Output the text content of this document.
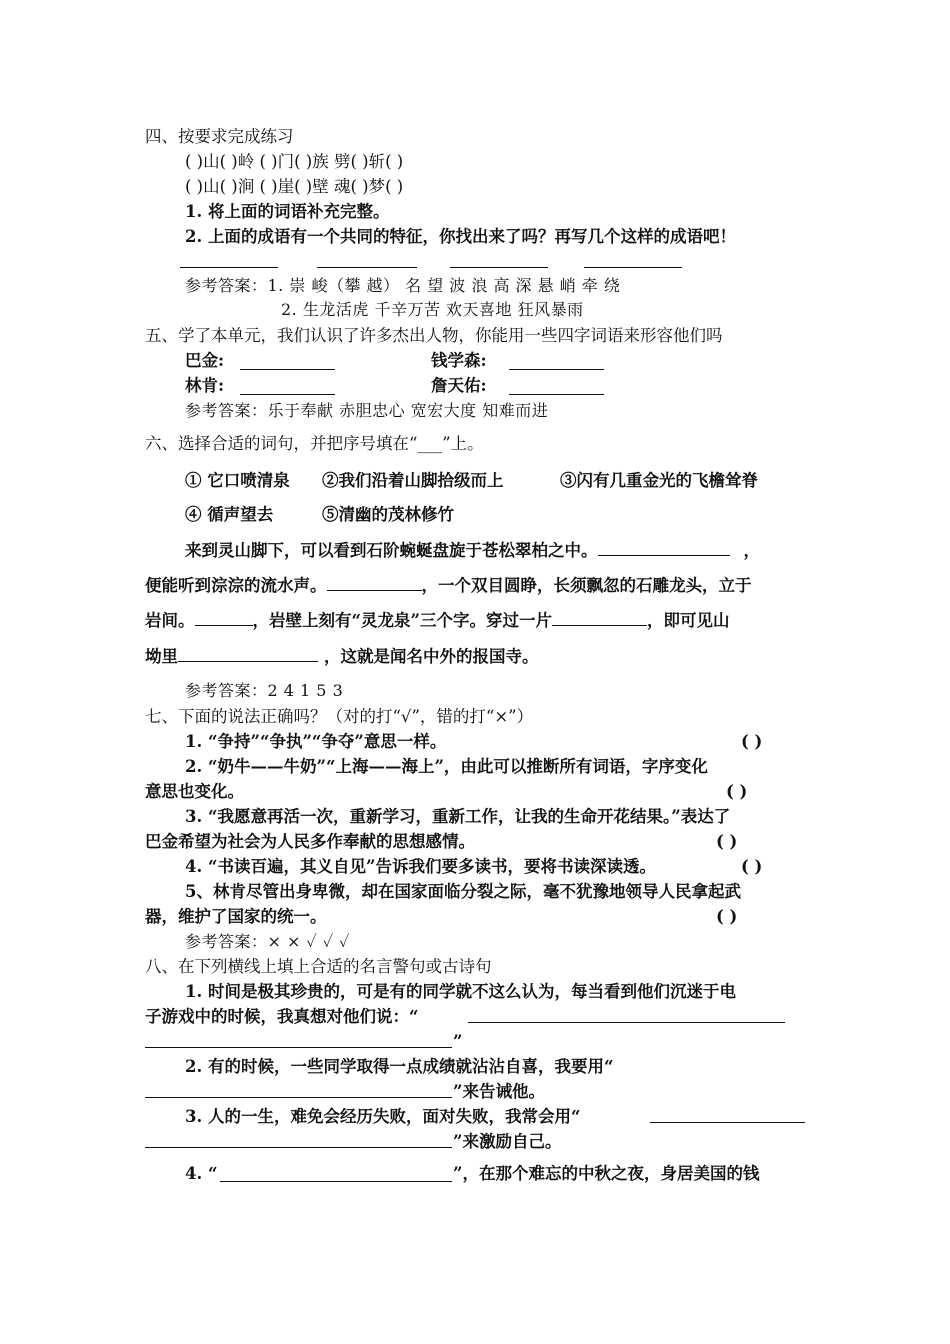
四、按要求完成练习
( )山( )岭 ( )门( )族 劈( )斩( )
( )山( )涧 ( )崖( )壁 魂( )梦( )
1. 将上面的词语补充完整。
2. 上面的成语有一个共同的特征，你找出来了吗？再写几个这样的成语吧！
参考答案：1. 崇 峻（攀 越） 名 望 波 浪 高 深 悬 峭 牵 绕
2. 生龙活虎 千辛万苦 欢天喜地 狂风暴雨
五、学了本单元，我们认识了许多杰出人物，你能用一些四字词语来形容他们吗
巴金:	钱学森:
林肯:	詹天佑:
参考答案：乐于奉献 赤胆忠心 宽宏大度 知难而进
六、选择合适的词句，并把序号填在“___”上。
① 它口喷清泉 ②我们沿着山脚拾级而上	③闪有几重金光的飞檐耸脊
④ 循声望去	⑤清幽的茂林修竹
来到灵山脚下，可以看到石阶蜿蜒盘旋于苍松翠柏之中。	，
便能听到淙淙的流水声。	，一个双目圆睁，长须飘忽的石雕龙头，立于
岩间。	，岩壁上刻有“灵龙泉”三个字。穿过一片	，即可见山
坳里	，这就是闻名中外的报国寺。
参考答案：2 4 1 5 3
七、下面的说法正确吗？（对的打“√”，错的打“×”）
1. “争持”“争执”“争夺”意思一样。	( )
2. “奶牛——牛奶”“上海——海上”，由此可以推断所有词语，字序变化
意思也变化。	( )
3. “我愿意再活一次，重新学习，重新工作，让我的生命开花结果。”表达了
巴金希望为社会为人民多作奉献的思想感情。	( )
4. “书读百遍，其义自见”告诉我们要多读书，要将书读深读透。	( )
5、林肯尽管出身卑微，却在国家面临分裂之际，毫不犹豫地领导人民拿起武
器，维护了国家的统一。	( )
参考答案：× × ✓ ✓ ✓
八、在下列横线上填上合适的名言警句或古诗句
1. 时间是极其珍贵的，可是有的同学就不这么认为，每当看到他们沉迷于电
子游戏中的时候，我真想对他们说：“
”
2. 有的时候，一些同学取得一点成绩就沾沾自喜，我要用“
”来告诫他。
3. 人的一生，难免会经历失败，面对失败，我常会用“
”来激励自己。
4. “	”，在那个难忘的中秋之夜，身居美国的钱
